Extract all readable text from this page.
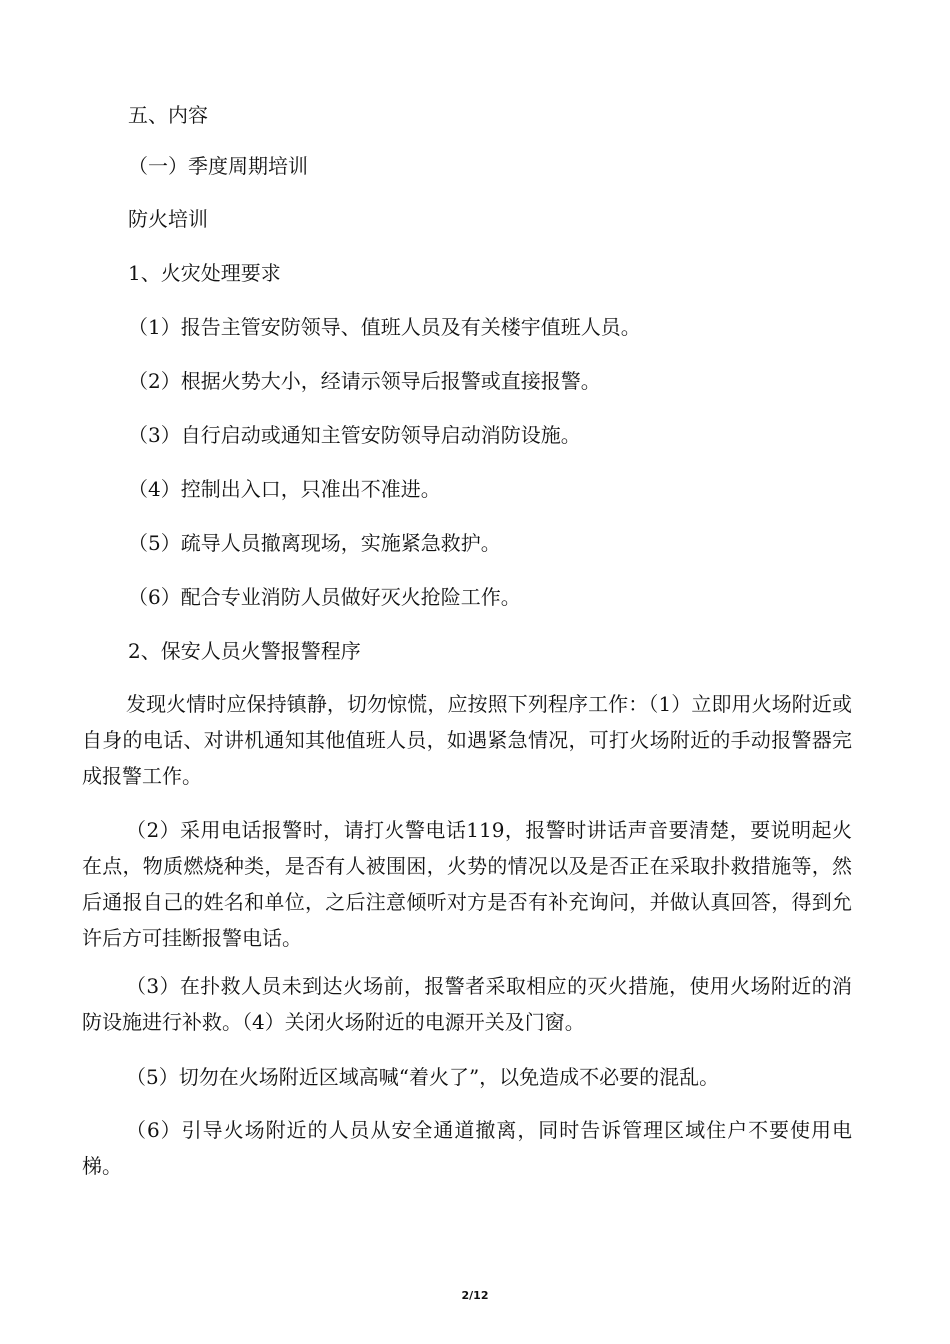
五、内容
（一）季度周期培训
防火培训
1、火灾处理要求
（1）报告主管安防领导、值班人员及有关楼宇值班人员。
（2）根据火势大小，经请示领导后报警或直接报警。
（3）自行启动或通知主管安防领导启动消防设施。
（4）控制出入口，只准出不准进。
（5）疏导人员撤离现场，实施紧急救护。
（6）配合专业消防人员做好灭火抢险工作。
2、保安人员火警报警程序
发现火情时应保持镇静，切勿惊慌，应按照下列程序工作：（1）立即用火场附近或自身的电话、对讲机通知其他值班人员，如遇紧急情况，可打火场附近的手动报警器完成报警工作。
（2）采用电话报警时，请打火警电话119，报警时讲话声音要清楚，要说明起火在点，物质燃烧种类，是否有人被围困，火势的情况以及是否正在采取扑救措施等，然后通报自己的姓名和单位，之后注意倾听对方是否有补充询问，并做认真回答，得到允许后方可挂断报警电话。
（3）在扑救人员未到达火场前，报警者采取相应的灭火措施，使用火场附近的消防设施进行补救。（4）关闭火场附近的电源开关及门窗。
（5）切勿在火场附近区域高喊“着火了”，以免造成不必要的混乱。
（6）引导火场附近的人员从安全通道撤离，同时告诉管理区域住户不要使用电梯。
2/12
